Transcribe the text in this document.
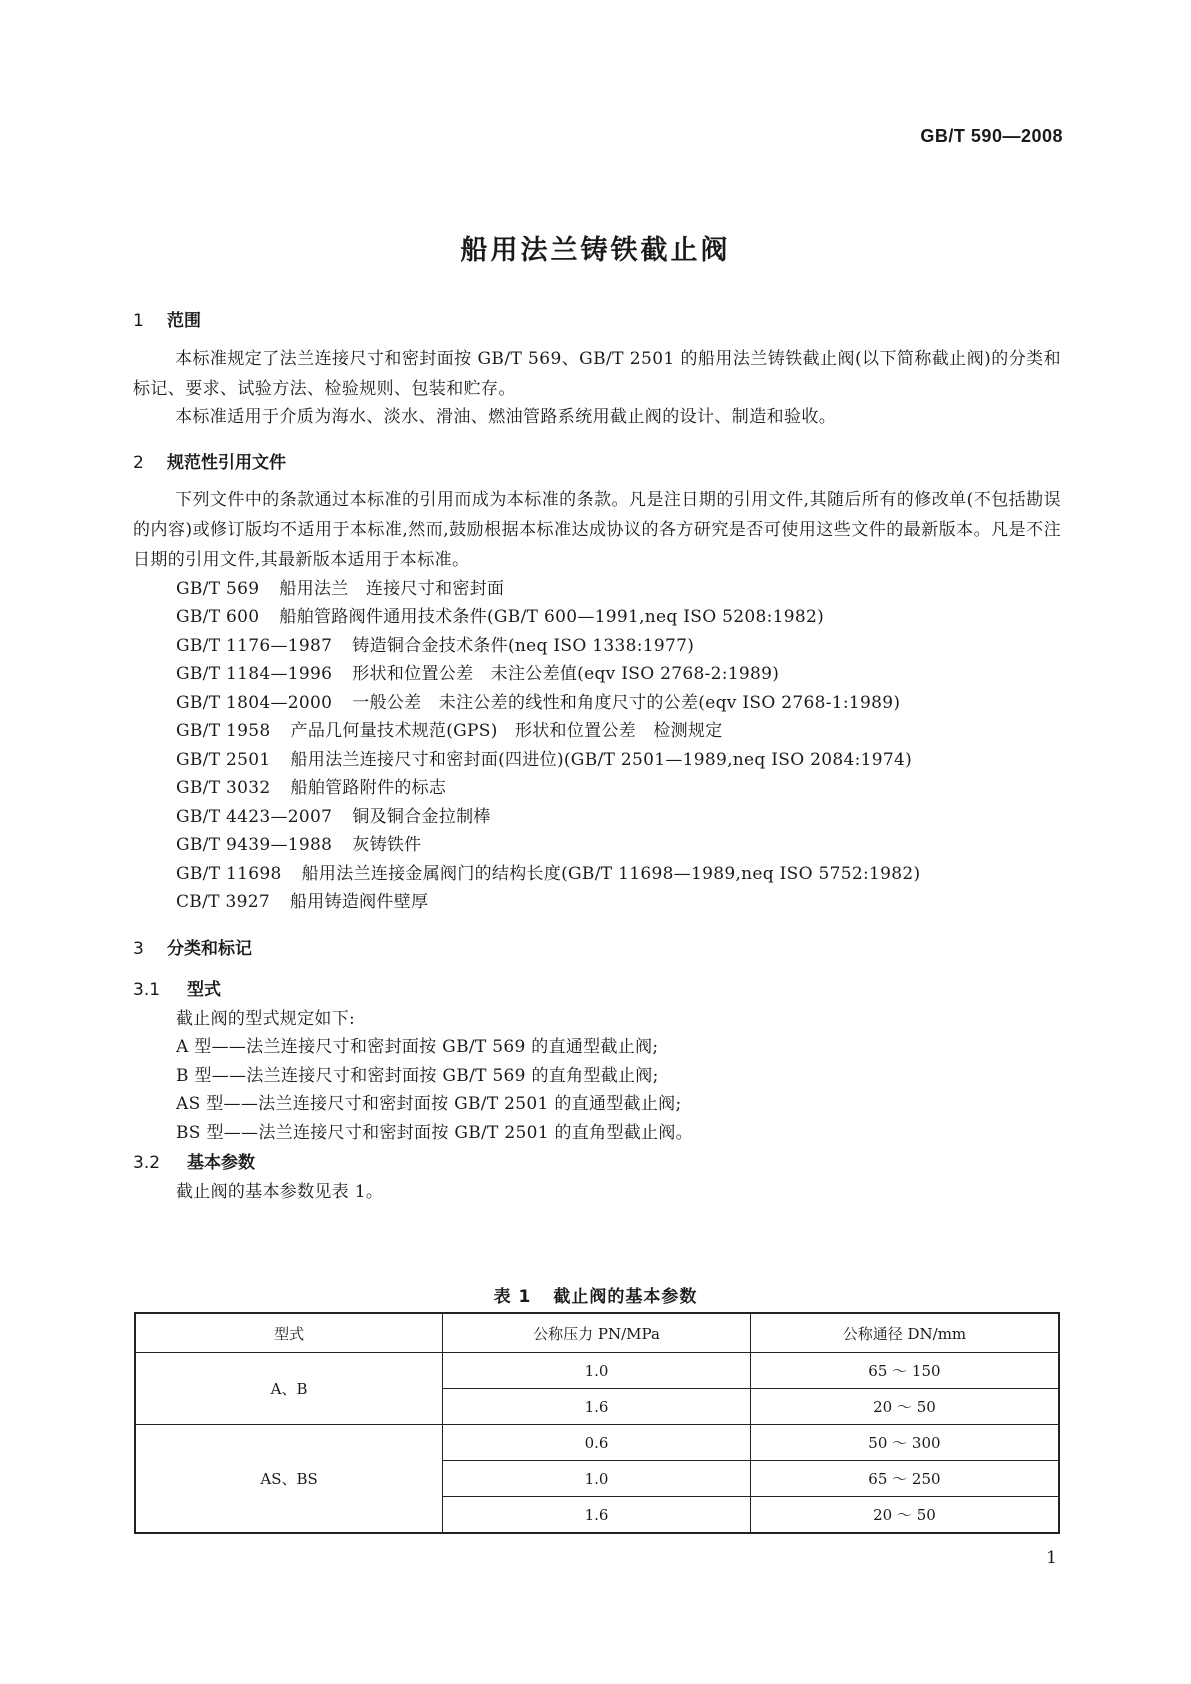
GB/T 590—2008
船用法兰铸铁截止阀
1 范围
本标准规定了法兰连接尺寸和密封面按 GB/T 569、GB/T 2501 的船用法兰铸铁截止阀(以下简称截止阀)的分类和标记、要求、试验方法、检验规则、包装和贮存。
本标准适用于介质为海水、淡水、滑油、燃油管路系统用截止阀的设计、制造和验收。
2 规范性引用文件
下列文件中的条款通过本标准的引用而成为本标准的条款。凡是注日期的引用文件,其随后所有的修改单(不包括勘误的内容)或修订版均不适用于本标准,然而,鼓励根据本标准达成协议的各方研究是否可使用这些文件的最新版本。凡是不注日期的引用文件,其最新版本适用于本标准。
GB/T 569 船用法兰　连接尺寸和密封面
GB/T 600 船舶管路阀件通用技术条件(GB/T 600—1991,neq ISO 5208:1982)
GB/T 1176—1987 铸造铜合金技术条件(neq ISO 1338:1977)
GB/T 1184—1996 形状和位置公差　未注公差值(eqv ISO 2768-2:1989)
GB/T 1804—2000 一般公差　未注公差的线性和角度尺寸的公差(eqv ISO 2768-1:1989)
GB/T 1958 产品几何量技术规范(GPS)　形状和位置公差　检测规定
GB/T 2501 船用法兰连接尺寸和密封面(四进位)(GB/T 2501—1989,neq ISO 2084:1974)
GB/T 3032 船舶管路附件的标志
GB/T 4423—2007 铜及铜合金拉制棒
GB/T 9439—1988 灰铸铁件
GB/T 11698 船用法兰连接金属阀门的结构长度(GB/T 11698—1989,neq ISO 5752:1982)
CB/T 3927 船用铸造阀件壁厚
3 分类和标记
3.1 型式
截止阀的型式规定如下:
A 型——法兰连接尺寸和密封面按 GB/T 569 的直通型截止阀;
B 型——法兰连接尺寸和密封面按 GB/T 569 的直角型截止阀;
AS 型——法兰连接尺寸和密封面按 GB/T 2501 的直通型截止阀;
BS 型——法兰连接尺寸和密封面按 GB/T 2501 的直角型截止阀。
3.2 基本参数
截止阀的基本参数见表 1。
表 1 截止阀的基本参数
型式	公称压力 PN/MPa	公称通径 DN/mm
A、B	1.0	65 ～ 150
	1.6	20 ～ 50
AS、BS	0.6	50 ～ 300
	1.0	65 ～ 250
	1.6	20 ～ 50
1
